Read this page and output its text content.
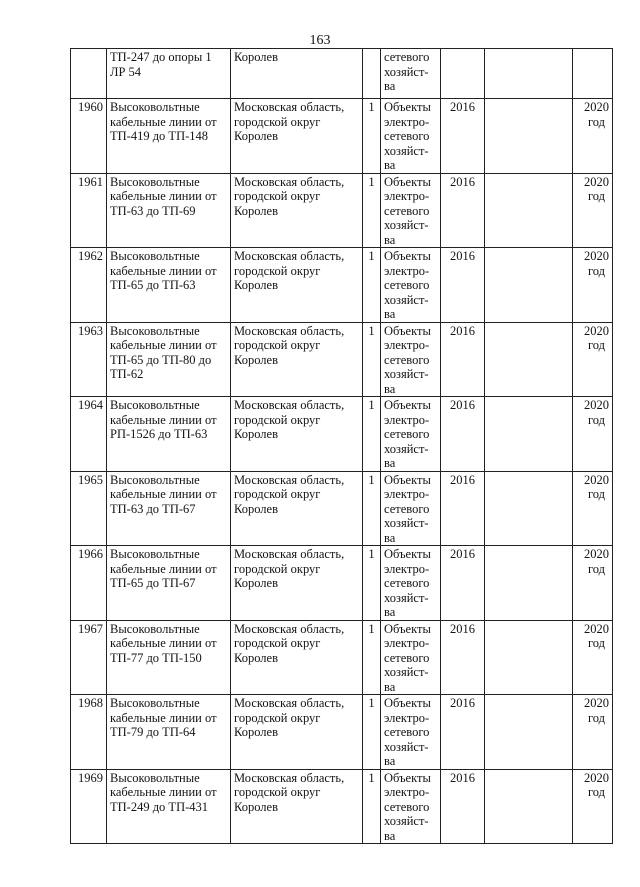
163
	ТП-247 до опоры 1 ЛР 54	Королев		сетевого
хозяйст-
ва			

1960	Высоковольтные кабельные линии от ТП-419 до ТП-148	Московская область, городской округ Королев	1	Объекты
электро-
сетевого
хозяйст-
ва	2016		2020
год

1961	Высоковольтные кабельные линии от ТП-63 до ТП-69	Московская область, городской округ Королев	1	Объекты
электро-
сетевого
хозяйст-
ва	2016		2020
год

1962	Высоковольтные кабельные линии от ТП-65 до ТП-63	Московская область, городской округ Королев	1	Объекты
электро-
сетевого
хозяйст-
ва	2016		2020
год

1963	Высоковольтные кабельные линии от ТП-65 до ТП-80 до ТП-62	Московская область, городской округ Королев	1	Объекты
электро-
сетевого
хозяйст-
ва	2016		2020
год

1964	Высоковольтные кабельные линии от РП-1526 до ТП-63	Московская область, городской округ Королев	1	Объекты
электро-
сетевого
хозяйст-
ва	2016		2020
год

1965	Высоковольтные кабельные линии от ТП-63 до ТП-67	Московская область, городской округ Королев	1	Объекты
электро-
сетевого
хозяйст-
ва	2016		2020
год

1966	Высоковольтные кабельные линии от ТП-65 до ТП-67	Московская область, городской округ Королев	1	Объекты
электро-
сетевого
хозяйст-
ва	2016		2020
год

1967	Высоковольтные кабельные линии от ТП-77 до ТП-150	Московская область, городской округ Королев	1	Объекты
электро-
сетевого
хозяйст-
ва	2016		2020
год

1968	Высоковольтные кабельные линии от ТП-79 до ТП-64	Московская область, городской округ Королев	1	Объекты
электро-
сетевого
хозяйст-
ва	2016		2020
год

1969	Высоковольтные кабельные линии от ТП-249 до ТП-431	Московская область, городской округ Королев	1	Объекты
электро-
сетевого
хозяйст-
ва	2016		2020
год
